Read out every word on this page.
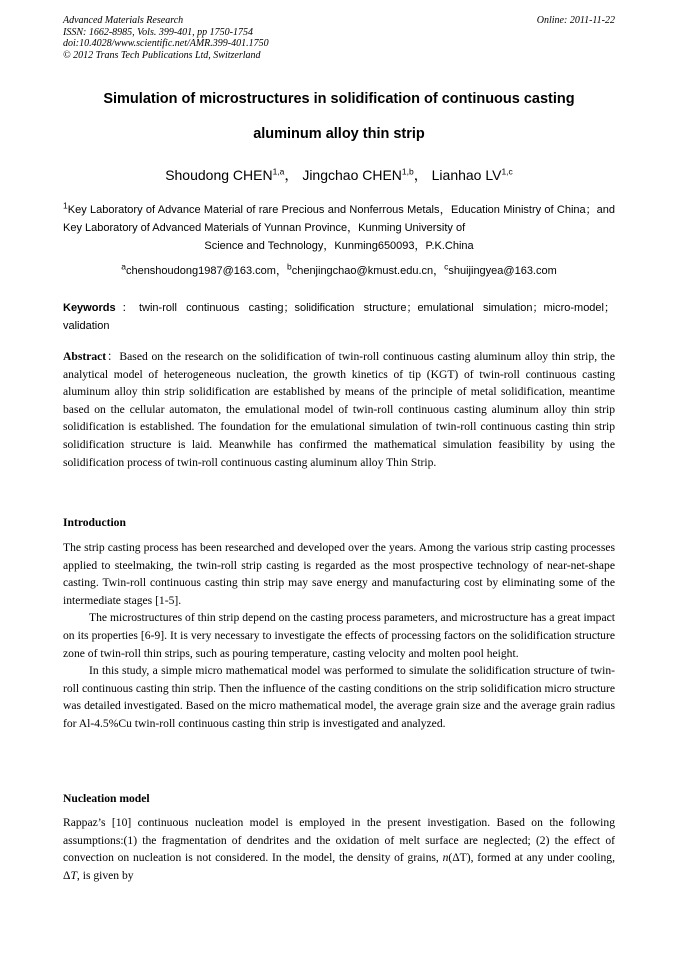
Advanced Materials Research
ISSN: 1662-8985, Vols. 399-401, pp 1750-1754
doi:10.4028/www.scientific.net/AMR.399-401.1750
© 2012 Trans Tech Publications Ltd, Switzerland
Online: 2011-11-22
Simulation of microstructures in solidification of continuous casting
aluminum alloy thin strip
Shoudong CHEN$^{1,a}$， Jingchao CHEN$^{1,b}$， Lianhao LV$^{1,c}$
$^1$Key Laboratory of Advance Material of rare Precious and Nonferrous Metals，Education Ministry of China；and Key Laboratory of Advanced Materials of Yunnan Province，Kunming University of
Science and Technology，Kunming650093，P.K.China
$^a$chenshoudong1987@163.com，$^b$chenjingchao@kmust.edu.cn，$^c$shuijingyea@163.com
Keywords：twin-roll continuous casting；solidification structure；emulational simulation；micro-model；validation
Abstract：Based on the research on the solidification of twin-roll continuous casting aluminum alloy thin strip, the analytical model of heterogeneous nucleation, the growth kinetics of tip (KGT) of twin-roll continuous casting aluminum alloy thin strip solidification are established by means of the principle of metal solidification, meantime based on the cellular automaton, the emulational model of twin-roll continuous casting aluminum alloy thin strip solidification is established. The foundation for the emulational simulation of twin-roll continuous casting thin strip solidification structure is laid. Meanwhile has confirmed the mathematical simulation feasibility by using the solidification process of twin-roll continuous casting aluminum alloy Thin Strip.
Introduction

The strip casting process has been researched and developed over the years. Among the various strip casting processes applied to steelmaking, the twin-roll strip casting is regarded as the most prospective technology of near-net-shape casting. Twin-roll continuous casting thin strip may save energy and manufacturing cost by eliminating some of the intermediate stages [1-5].

The microstructures of thin strip depend on the casting process parameters, and microstructure has a great impact on its properties [6-9]. It is very necessary to investigate the effects of processing factors on the solidification structure zone of twin-roll thin strips, such as pouring temperature, casting velocity and molten pool height.

In this study, a simple micro mathematical model was performed to simulate the solidification structure of twin-roll continuous casting thin strip. Then the influence of the casting conditions on the strip solidification micro structure was detailed investigated. Based on the micro mathematical model, the average grain size and the average grain radius for Al-4.5%Cu twin-roll continuous casting thin strip is investigated and analyzed.

Nucleation model
Rappaz’s [10] continuous nucleation model is employed in the present investigation. Based on the following assumptions:(1) the fragmentation of dendrites and the oxidation of melt surface are neglected; (2) the effect of convection on nucleation is not considered. In the model, the density of grains, n(ΔT), formed at any under cooling, ΔT, is given by
